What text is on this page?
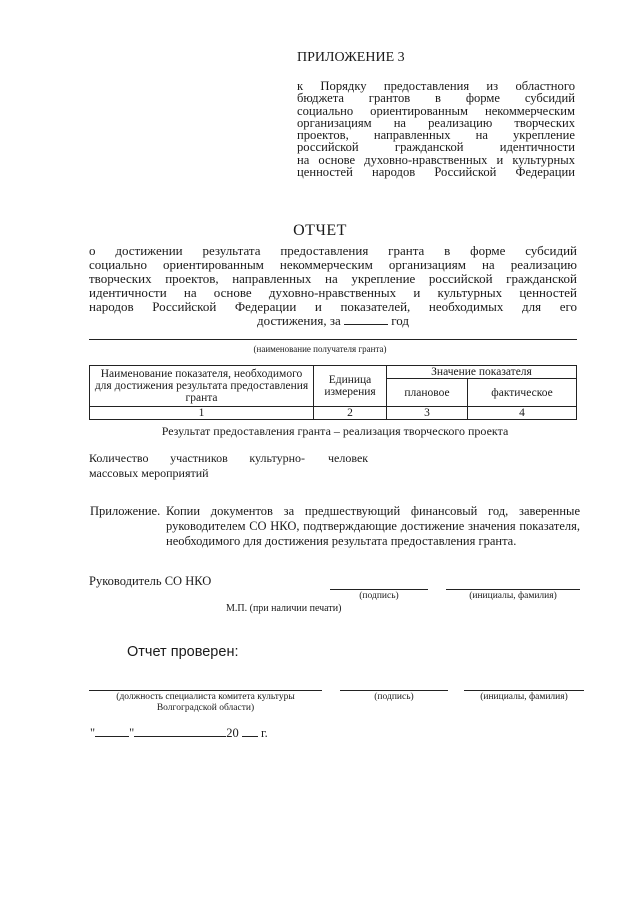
ПРИЛОЖЕНИЕ 3
к Порядку предоставления из областного
бюджета грантов в форме субсидий
социально ориентированным некоммерческим
организациям на реализацию творческих
проектов, направленных на укрепление
российской гражданской идентичности
на основе духовно-нравственных и культурных
ценностей народов Российской Федерации
ОТЧЕТ
о достижении результата предоставления гранта в форме субсидий
социально ориентированным некоммерческим организациям на реализацию
творческих проектов, направленных на укрепление российской гражданской
идентичности на основе духовно-нравственных и культурных ценностей
народов Российской Федерации и показателей, необходимых для его
достижения, за	год
(наименование получателя гранта)
Наименование показателя, необходимого для достижения результата предоставления гранта	Единица измерения	Значение показателя	
		плановое	фактическое
1	2	3	4
Результат предоставления гранта – реализация творческого проекта
Количество участников культурно-
массовых мероприятий
человек
Приложение. Копии документов за предшествующий финансовый год, заверенные
руководителем СО НКО, подтверждающие достижение значения показателя,
необходимого для достижения результата предоставления гранта.
Руководитель СО НКО
(подпись)	(инициалы, фамилия)
М.П. (при наличии печати)
Отчет проверен:
(должность специалиста комитета культуры
Волгоградской области)
(подпись)	(инициалы, фамилия)
"	"	20 г.
